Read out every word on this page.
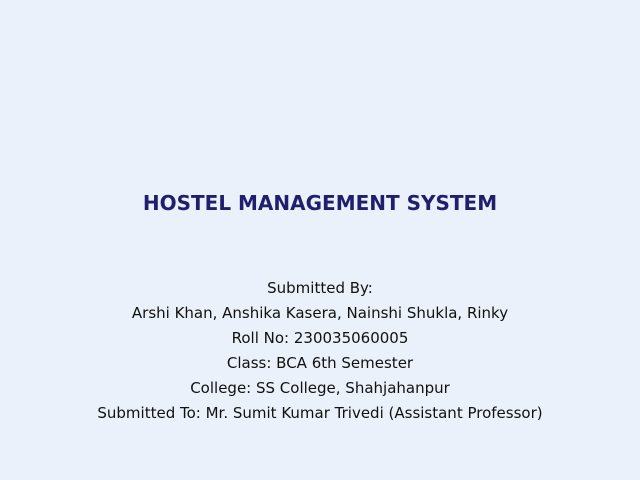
HOSTEL MANAGEMENT SYSTEM
Submitted By:
Arshi Khan, Anshika Kasera, Nainshi Shukla, Rinky
Roll No: 230035060005
Class: BCA 6th Semester
College: SS College, Shahjahanpur
Submitted To: Mr. Sumit Kumar Trivedi (Assistant Professor)
